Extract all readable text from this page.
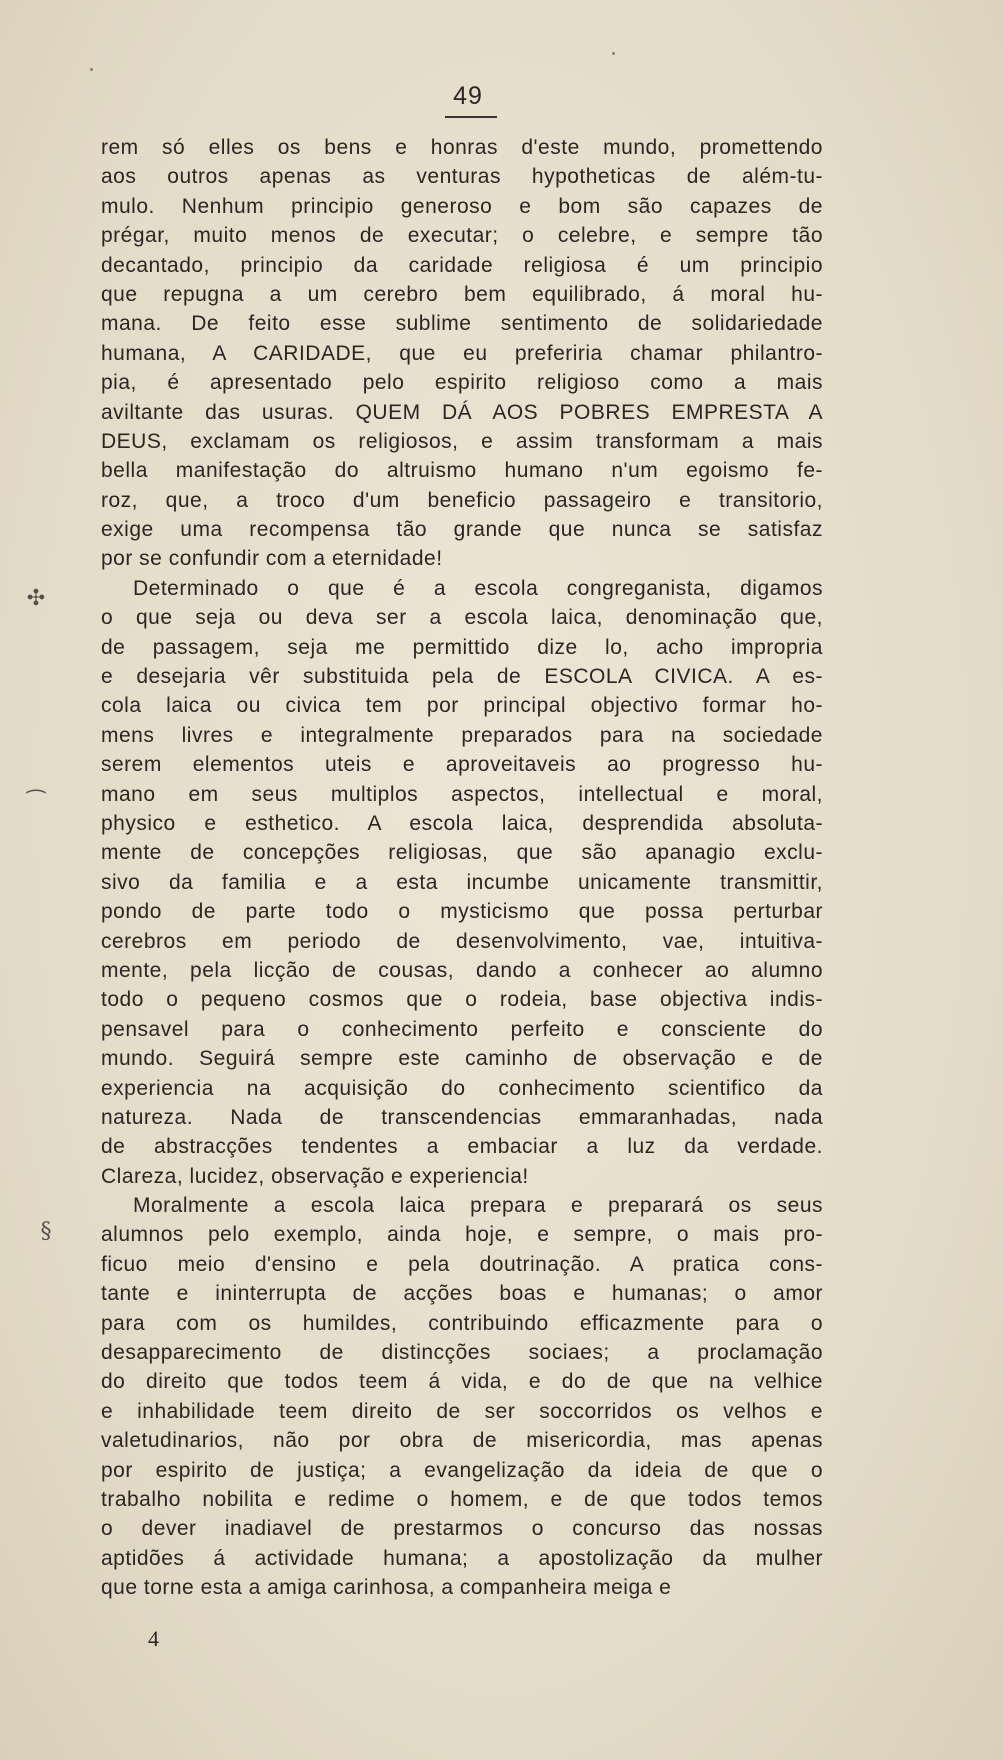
49
rem só elles os bens e honras d'este mundo, promettendo
aos outros apenas as venturas hypotheticas de além-tu-
mulo. Nenhum principio generoso e bom são capazes de
prégar, muito menos de executar; o celebre, e sempre tão
decantado, principio da caridade religiosa é um principio
que repugna a um cerebro bem equilibrado, á moral hu-
mana. De feito esse sublime sentimento de solidariedade
humana, A CARIDADE, que eu preferiria chamar philantro-
pia, é apresentado pelo espirito religioso como a mais
aviltante das usuras. QUEM DÁ AOS POBRES EMPRESTA A
DEUS, exclamam os religiosos, e assim transformam a mais
bella manifestação do altruismo humano n'um egoismo fe-
roz, que, a troco d'um beneficio passageiro e transitorio,
exige uma recompensa tão grande que nunca se satisfaz
por se confundir com a eternidade!
Determinado o que é a escola congreganista, digamos
o que seja ou deva ser a escola laica, denominação que,
de passagem, seja me permittido dize lo, acho impropria
e desejaria vêr substituida pela de ESCOLA CIVICA. A es-
cola laica ou civica tem por principal objectivo formar ho-
mens livres e integralmente preparados para na sociedade
serem elementos uteis e aproveitaveis ao progresso hu-
mano em seus multiplos aspectos, intellectual e moral,
physico e esthetico. A escola laica, desprendida absoluta-
mente de concepções religiosas, que são apanagio exclu-
sivo da familia e a esta incumbe unicamente transmittir,
pondo de parte todo o mysticismo que possa perturbar
cerebros em periodo de desenvolvimento, vae, intuitiva-
mente, pela licção de cousas, dando a conhecer ao alumno
todo o pequeno cosmos que o rodeia, base objectiva indis-
pensavel para o conhecimento perfeito e consciente do
mundo. Seguirá sempre este caminho de observação e de
experiencia na acquisição do conhecimento scientifico da
natureza. Nada de transcendencias emmaranhadas, nada
de abstracções tendentes a embaciar a luz da verdade.
Clareza, lucidez, observação e experiencia!
Moralmente a escola laica prepara e preparará os seus
alumnos pelo exemplo, ainda hoje, e sempre, o mais pro-
ficuo meio d'ensino e pela doutrinação. A pratica cons-
tante e ininterrupta de acções boas e humanas; o amor
para com os humildes, contribuindo efficazmente para o
desapparecimento de distincções sociaes; a proclamação
do direito que todos teem á vida, e do de que na velhice
e inhabilidade teem direito de ser soccorridos os velhos e
valetudinarios, não por obra de misericordia, mas apenas
por espirito de justiça; a evangelização da ideia de que o
trabalho nobilita e redime o homem, e de que todos temos
o dever inadiavel de prestarmos o concurso das nossas
aptidões á actividade humana; a apostolização da mulher
que torne esta a amiga carinhosa, a companheira meiga e
4
✣
⁀
§
